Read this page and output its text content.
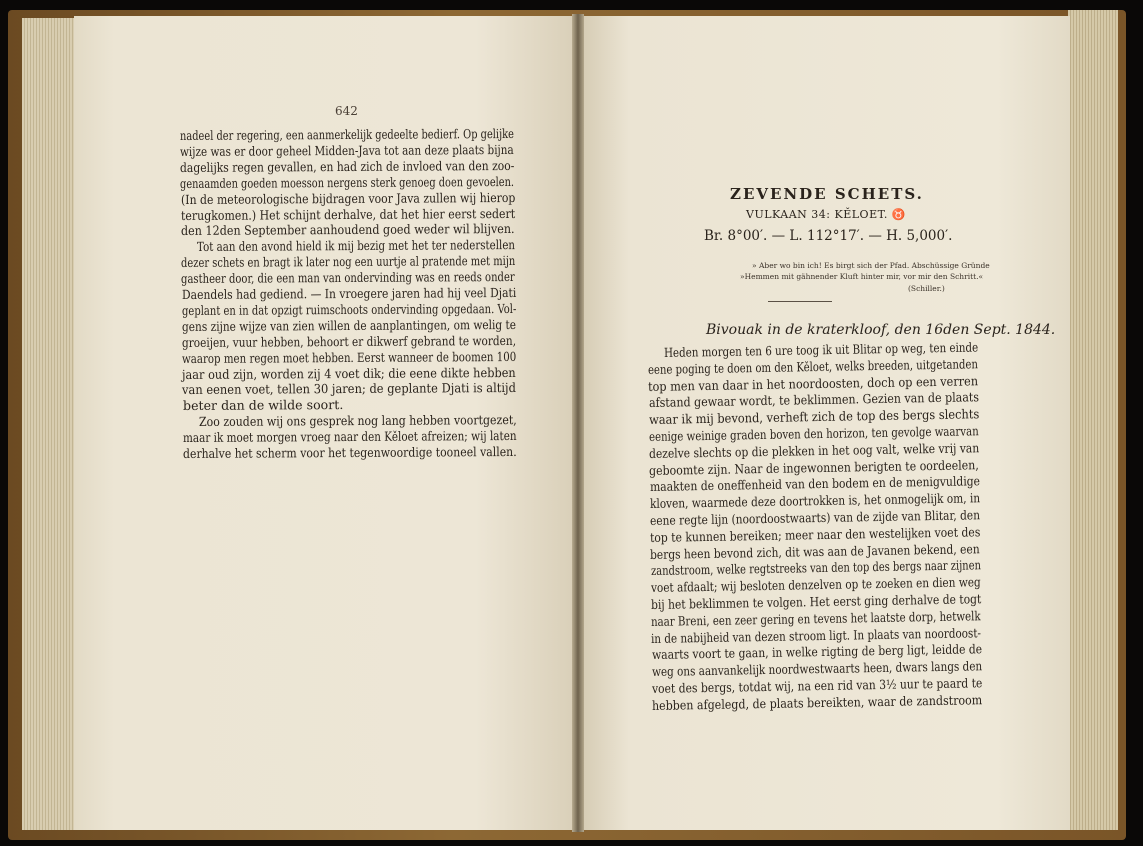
642
nadeel der regering, een aanmerkelijk gedeelte bedierf. Op gelijke
wijze was er door geheel Midden-Java tot aan deze plaats bijna
dagelijks regen gevallen, en had zich de invloed van den zoo-
genaamden goeden moesson nergens sterk genoeg doen gevoelen.
(In de meteorologische bijdragen voor Java zullen wij hierop
terugkomen.) Het schijnt derhalve, dat het hier eerst sedert
den 12den September aanhoudend goed weder wil blijven.
Tot aan den avond hield ik mij bezig met het ter nederstellen
dezer schets en bragt ik later nog een uurtje al pratende met mijn
gastheer door, die een man van ondervinding was en reeds onder
Daendels had gediend. — In vroegere jaren had hij veel Djati
geplant en in dat opzigt ruimschoots ondervinding opgedaan. Vol-
gens zijne wijze van zien willen de aanplantingen, om welig te
groeijen, vuur hebben, behoort er dikwerf gebrand te worden,
waarop men regen moet hebben. Eerst wanneer de boomen 100
jaar oud zijn, worden zij 4 voet dik; die eene dikte hebben
van eenen voet, tellen 30 jaren; de geplante Djati is altijd
beter dan de wilde soort.
Zoo zouden wij ons gesprek nog lang hebben voortgezet,
maar ik moet morgen vroeg naar den Kěloet afreizen; wij laten
derhalve het scherm voor het tegenwoordige tooneel vallen.
ZEVENDE SCHETS.
VULKAAN 34: KĚLOET. ♉
Br. 8°00′. — L. 112°17′. — H. 5,000′.
» Aber wo bin ich! Es birgt sich der Pfad. Abschüssige Gründe
»Hemmen mit gähnender Kluft hinter mir, vor mir den Schritt.«
(Schiller.)
Bivouak in de kraterkloof, den 16den Sept. 1844.
Heden morgen ten 6 ure toog ik uit Blitar op weg, ten einde
eene poging te doen om den Kěloet, welks breeden, uitgetanden
top men van daar in het noordoosten, doch op een verren
afstand gewaar wordt, te beklimmen. Gezien van de plaats
waar ik mij bevond, verheft zich de top des bergs slechts
eenige weinige graden boven den horizon, ten gevolge waarvan
dezelve slechts op die plekken in het oog valt, welke vrij van
geboomte zijn. Naar de ingewonnen berigten te oordeelen,
maakten de oneffenheid van den bodem en de menigvuldige
kloven, waarmede deze doortrokken is, het onmogelijk om, in
eene regte lijn (noordoostwaarts) van de zijde van Blitar, den
top te kunnen bereiken; meer naar den westelijken voet des
bergs heen bevond zich, dit was aan de Javanen bekend, een
zandstroom, welke regtstreeks van den top des bergs naar zijnen
voet afdaalt; wij besloten denzelven op te zoeken en dien weg
bij het beklimmen te volgen. Het eerst ging derhalve de togt
naar Breni, een zeer gering en tevens het laatste dorp, hetwelk
in de nabijheid van dezen stroom ligt. In plaats van noordoost-
waarts voort te gaan, in welke rigting de berg ligt, leidde de
weg ons aanvankelijk noordwestwaarts heen, dwars langs den
voet des bergs, totdat wij, na een rid van 3½ uur te paard te
hebben afgelegd, de plaats bereikten, waar de zandstroom
